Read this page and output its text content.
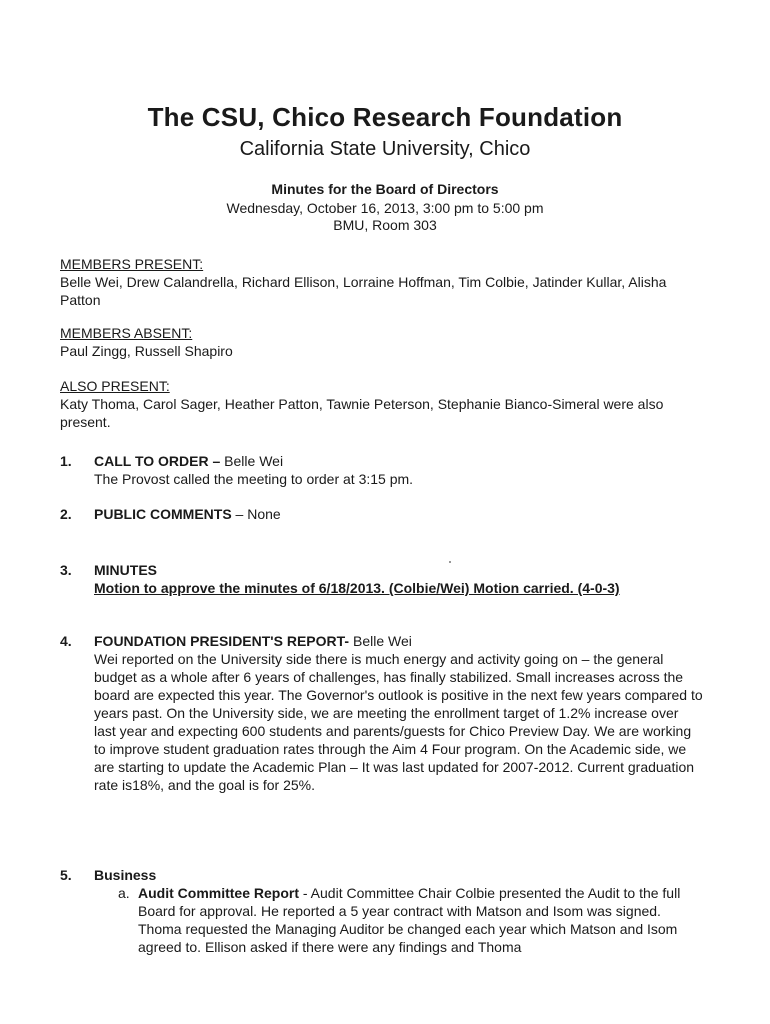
The CSU, Chico Research Foundation
California State University, Chico
Minutes for the Board of Directors
Wednesday, October 16, 2013, 3:00 pm to 5:00 pm
BMU, Room 303
MEMBERS PRESENT:
Belle Wei, Drew Calandrella, Richard Ellison, Lorraine Hoffman, Tim Colbie, Jatinder Kullar, Alisha Patton
MEMBERS ABSENT:
Paul Zingg, Russell Shapiro
ALSO PRESENT:
Katy Thoma, Carol Sager, Heather Patton, Tawnie Peterson, Stephanie Bianco-Simeral were also present.
1. CALL TO ORDER – Belle Wei
The Provost called the meeting to order at 3:15 pm.
2. PUBLIC COMMENTS – None
3. MINUTES
Motion to approve the minutes of 6/18/2013. (Colbie/Wei) Motion carried. (4-0-3)
4. FOUNDATION PRESIDENT'S REPORT- Belle Wei
Wei reported on the University side there is much energy and activity going on – the general budget as a whole after 6 years of challenges, has finally stabilized. Small increases across the board are expected this year. The Governor's outlook is positive in the next few years compared to years past. On the University side, we are meeting the enrollment target of 1.2% increase over last year and expecting 600 students and parents/guests for Chico Preview Day. We are working to improve student graduation rates through the Aim 4 Four program. On the Academic side, we are starting to update the Academic Plan – It was last updated for 2007-2012. Current graduation rate is18%, and the goal is for 25%.
5. Business
a. Audit Committee Report - Audit Committee Chair Colbie presented the Audit to the full Board for approval. He reported a 5 year contract with Matson and Isom was signed. Thoma requested the Managing Auditor be changed each year which Matson and Isom agreed to. Ellison asked if there were any findings and Thoma
